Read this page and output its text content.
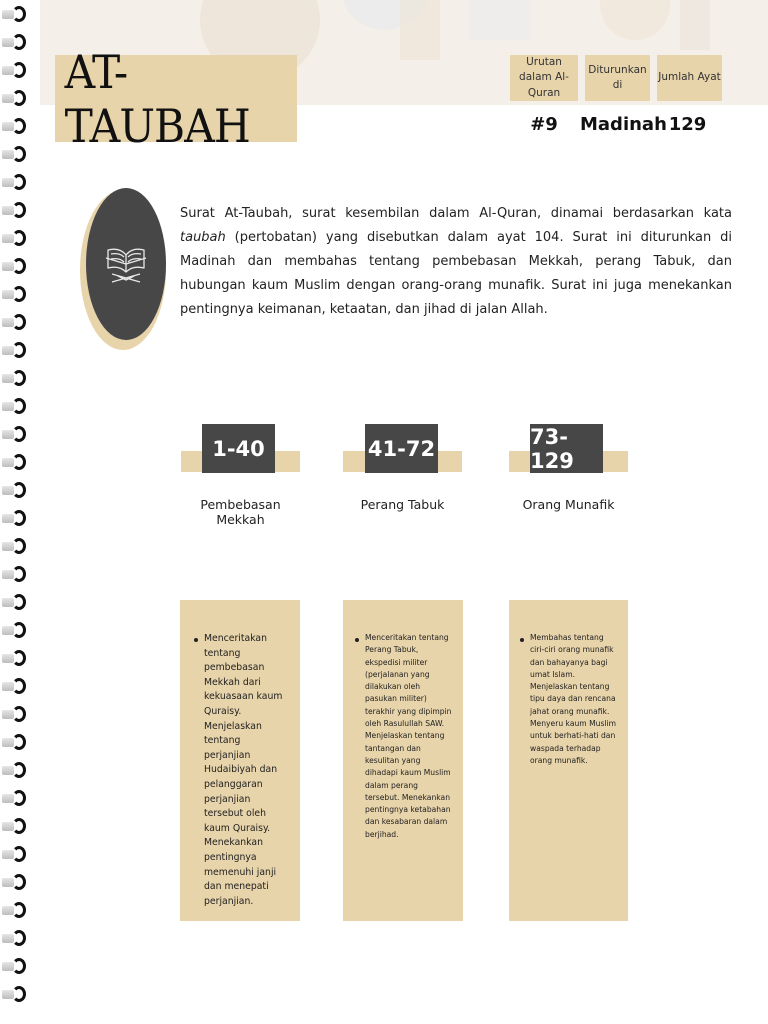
AT-TAUBAH
Urutan dalam Al-Quran
Diturunkan di
Jumlah Ayat
#9	Madinah 129

Surat At-Taubah, surat kesembilan dalam Al-Quran, dinamai berdasarkan kata taubah (pertobatan) yang disebutkan dalam ayat 104. Surat ini diturunkan di Madinah dan membahas tentang pembebasan Mekkah, perang Tabuk, dan hubungan kaum Muslim dengan orang-orang munafik. Surat ini juga menekankan pentingnya keimanan, ketaatan, dan jihad di jalan Allah.

1-40
Pembebasan Mekkah
Menceritakan tentang pembebasan Mekkah dari kekuasaan kaum Quraisy. Menjelaskan tentang perjanjian Hudaibiyah dan pelanggaran perjanjian tersebut oleh kaum Quraisy. Menekankan pentingnya memenuhi janji dan menepati perjanjian.
41-72
Perang Tabuk
Menceritakan tentang Perang Tabuk, ekspedisi militer (perjalanan yang dilakukan oleh pasukan militer) terakhir yang dipimpin oleh Rasulullah SAW. Menjelaskan tentang tantangan dan kesulitan yang dihadapi kaum Muslim dalam perang tersebut. Menekankan pentingnya ketabahan dan kesabaran dalam berjihad.
73-129
Orang Munafik
Membahas tentang ciri-ciri orang munafik dan bahayanya bagi umat Islam. Menjelaskan tentang tipu daya dan rencana jahat orang munafik. Menyeru kaum Muslim untuk berhati-hati dan waspada terhadap orang munafik.
